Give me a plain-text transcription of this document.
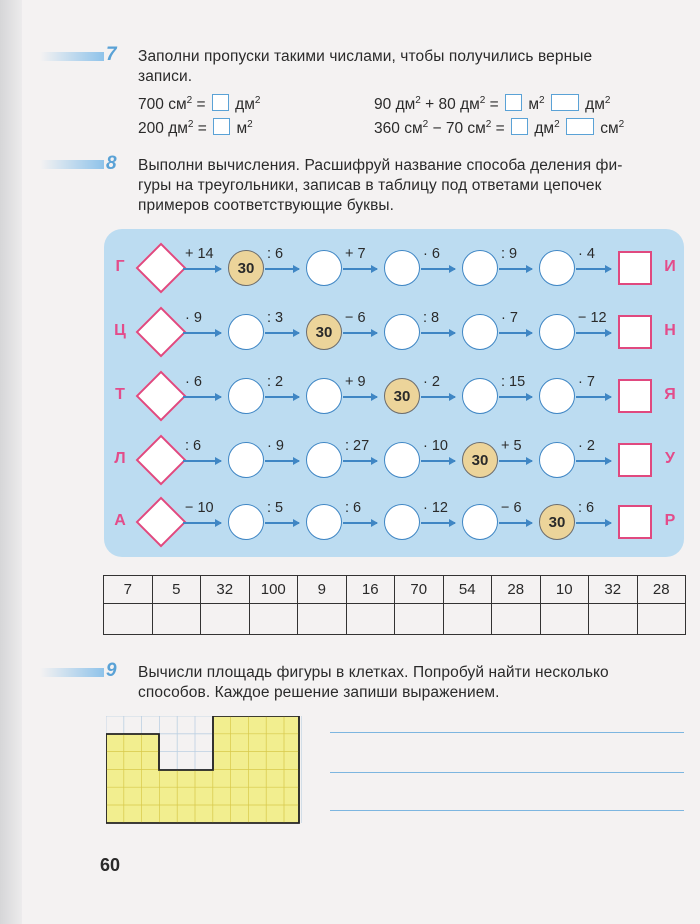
7 Заполни пропуски такими числами, чтобы получились верные
записи.
700 $см^2 = дм^2$
200 $дм^2 = м^2$
90 $дм^2 + 80$ $дм^2 = м^2$	$дм^2$
360 $см^2 - 70$ $см^2 = дм^2$	$см^2$
8 Выполни вычисления. Расшифруй название способа деления фи-
гуры на треугольники, записав в таблицу под ответами цепочек
примеров соответствующие буквы.
Г	30	И
+ 14	: 6	+ 7	· 6	: 9	· 4
Ц	30	Н
· 9	: 3	− 6	: 8	· 7	− 12
Т	30	Я
· 6	: 2	+ 9	· 2	: 15	· 7
Л	30	У
: 6	· 9	: 27	· 10	+ 5	· 2
А	30	Р
− 10	: 5	: 6	· 12	− 6	: 6
7	5	32	100	9	16	70	54	28	10	32	28

9 Вычисли площадь фигуры в клетках. Попробуй найти несколько
способов. Каждое решение запиши выражением.
60
